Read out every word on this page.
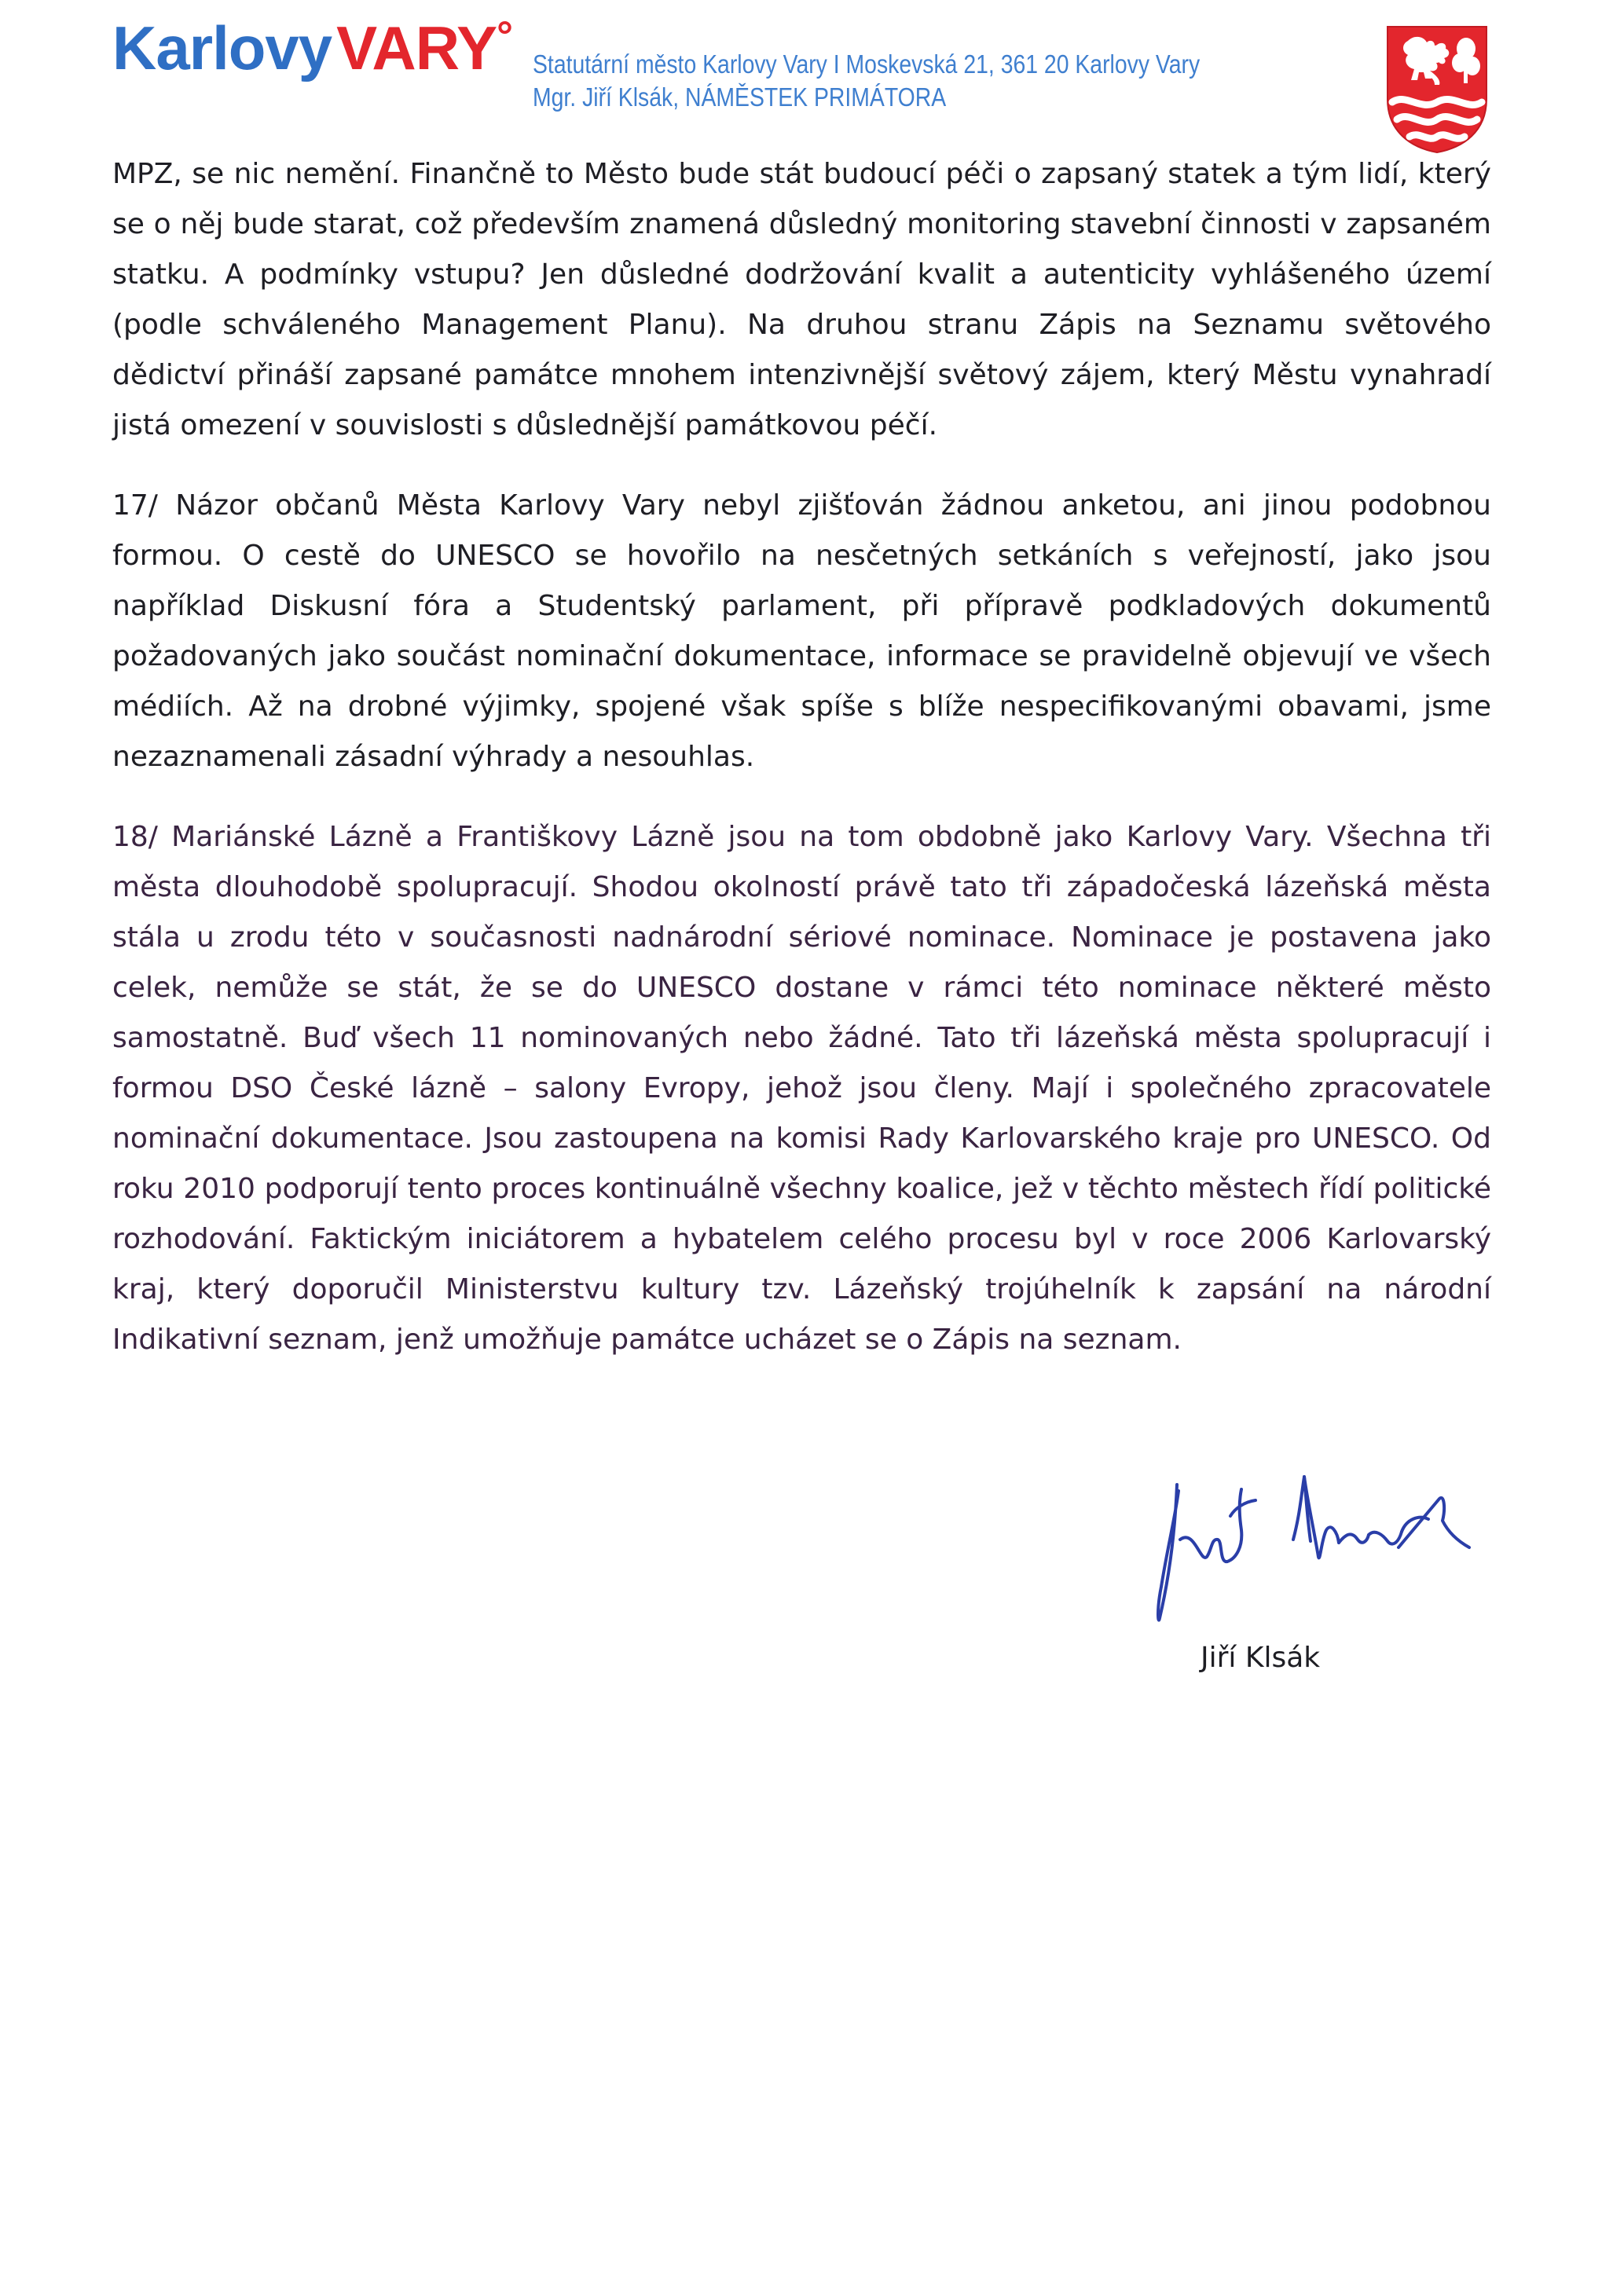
KarlovyVARY°
Statutární město Karlovy Vary I Moskevská 21, 361 20 Karlovy Vary
Mgr. Jiří Klsák, NÁMĚSTEK PRIMÁTORA

MPZ, se nic nemění. Finančně to Město bude stát budoucí péči o zapsaný statek a tým lidí, který se o něj bude starat, což především znamená důsledný monitoring stavební činnosti v zapsaném statku. A podmínky vstupu? Jen důsledné dodržování kvalit a autenticity vyhlášeného území (podle schváleného Management Planu). Na druhou stranu Zápis na Seznamu světového dědictví přináší zapsané památce mnohem intenzivnější světový zájem, který Městu vynahradí jistá omezení v souvislosti s důslednější památkovou péčí.

17/ Názor občanů Města Karlovy Vary nebyl zjišťován žádnou anketou, ani jinou podobnou formou. O cestě do UNESCO se hovořilo na nesčetných setkáních s veřejností, jako jsou například Diskusní fóra a Studentský parlament, při přípravě podkladových dokumentů požadovaných jako součást nominační dokumentace, informace se pravidelně objevují ve všech médiích. Až na drobné výjimky, spojené však spíše s blíže nespecifikovanými obavami, jsme nezaznamenali zásadní výhrady a nesouhlas.

18/ Mariánské Lázně a Františkovy Lázně jsou na tom obdobně jako Karlovy Vary. Všechna tři města dlouhodobě spolupracují. Shodou okolností právě tato tři západočeská lázeňská města stála u zrodu této v současnosti nadnárodní sériové nominace. Nominace je postavena jako celek, nemůže se stát, že se do UNESCO dostane v rámci této nominace některé město samostatně. Buď všech 11 nominovaných nebo žádné. Tato tři lázeňská města spolupracují i formou DSO České lázně – salony Evropy, jehož jsou členy. Mají i společného zpracovatele nominační dokumentace. Jsou zastoupena na komisi Rady Karlovarského kraje pro UNESCO. Od roku 2010 podporují tento proces kontinuálně všechny koalice, jež v těchto městech řídí politické rozhodování. Faktickým iniciátorem a hybatelem celého procesu byl v roce 2006 Karlovarský kraj, který doporučil Ministerstvu kultury tzv. Lázeňský trojúhelník k zapsání na národní Indikativní seznam, jenž umožňuje památce ucházet se o Zápis na seznam.

Jiří Klsák
